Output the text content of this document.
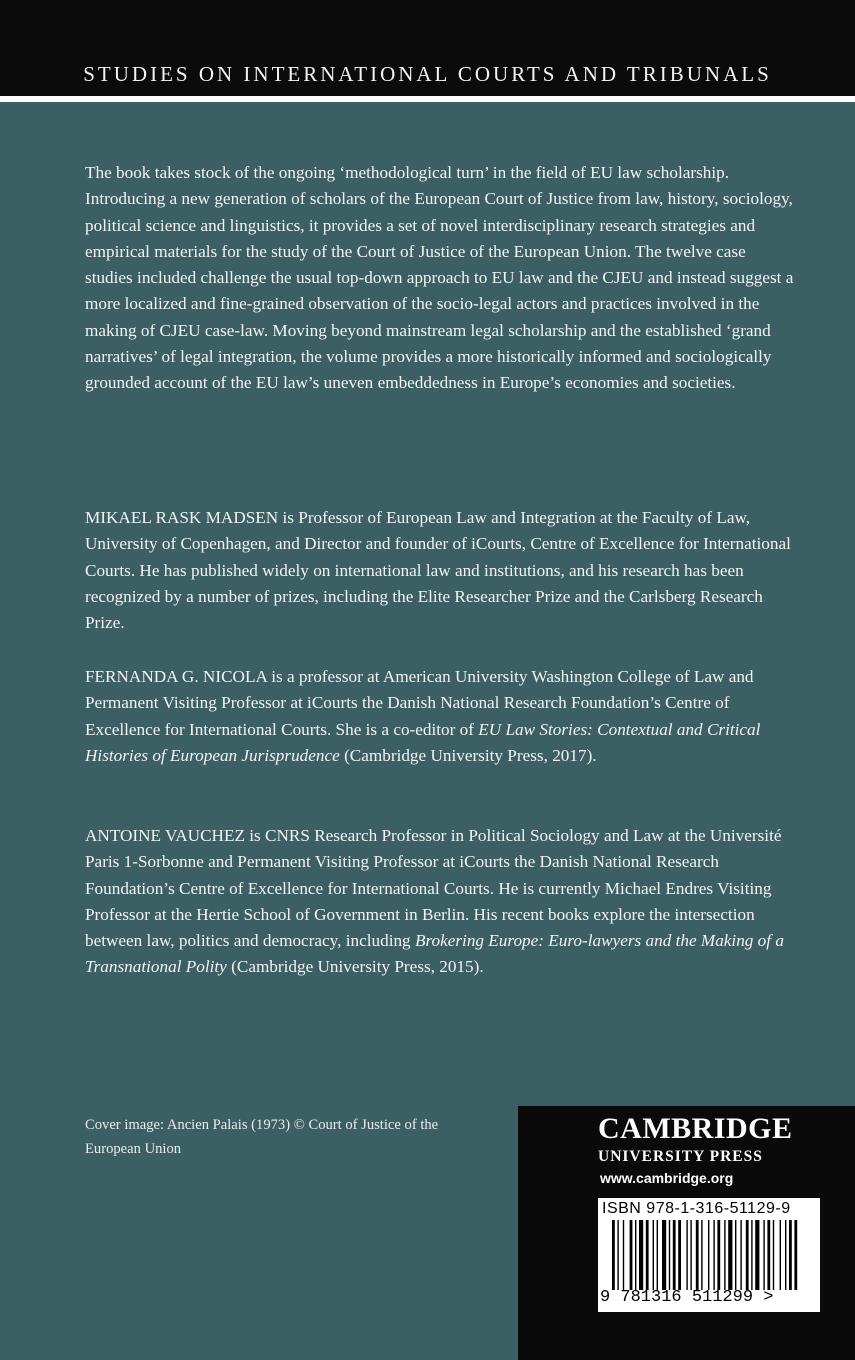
STUDIES ON INTERNATIONAL COURTS AND TRIBUNALS

The book takes stock of the ongoing ‘methodological turn’ in the field of EU law scholarship. Introducing a new generation of scholars of the European Court of Justice from law, history, sociology, political science and linguistics, it provides a set of novel interdisciplinary research strategies and empirical materials for the study of the Court of Justice of the European Union. The twelve case studies included challenge the usual top-down approach to EU law and the CJEU and instead suggest a more localized and fine-grained observation of the socio-legal actors and practices involved in the making of CJEU case-law. Moving beyond mainstream legal scholarship and the established ‘grand narratives’ of legal integration, the volume provides a more historically informed and sociologically grounded account of the EU law’s uneven embeddedness in Europe’s economies and societies.

MIKAEL RASK MADSEN is Professor of European Law and Integration at the Faculty of Law, University of Copenhagen, and Director and founder of iCourts, Centre of Excellence for International Courts. He has published widely on international law and institutions, and his research has been recognized by a number of prizes, including the Elite Researcher Prize and the Carlsberg Research Prize.

FERNANDA G. NICOLA is a professor at American University Washington College of Law and Permanent Visiting Professor at iCourts the Danish National Research Foundation’s Centre of Excellence for International Courts. She is a co-editor of EU Law Stories: Contextual and Critical Histories of European Jurisprudence (Cambridge University Press, 2017).

ANTOINE VAUCHEZ is CNRS Research Professor in Political Sociology and Law at the Université Paris 1-Sorbonne and Permanent Visiting Professor at iCourts the Danish National Research Foundation’s Centre of Excellence for International Courts. He is currently Michael Endres Visiting Professor at the Hertie School of Government in Berlin. His recent books explore the intersection between law, politics and democracy, including Brokering Europe: Euro-lawyers and the Making of a Transnational Polity (Cambridge University Press, 2015).

Cover image: Ancien Palais (1973) © Court of Justice of the European Union
CAMBRIDGE
UNIVERSITY PRESS
www.cambridge.org
ISBN 978-1-316-51129-9
9 781316 511299 >
